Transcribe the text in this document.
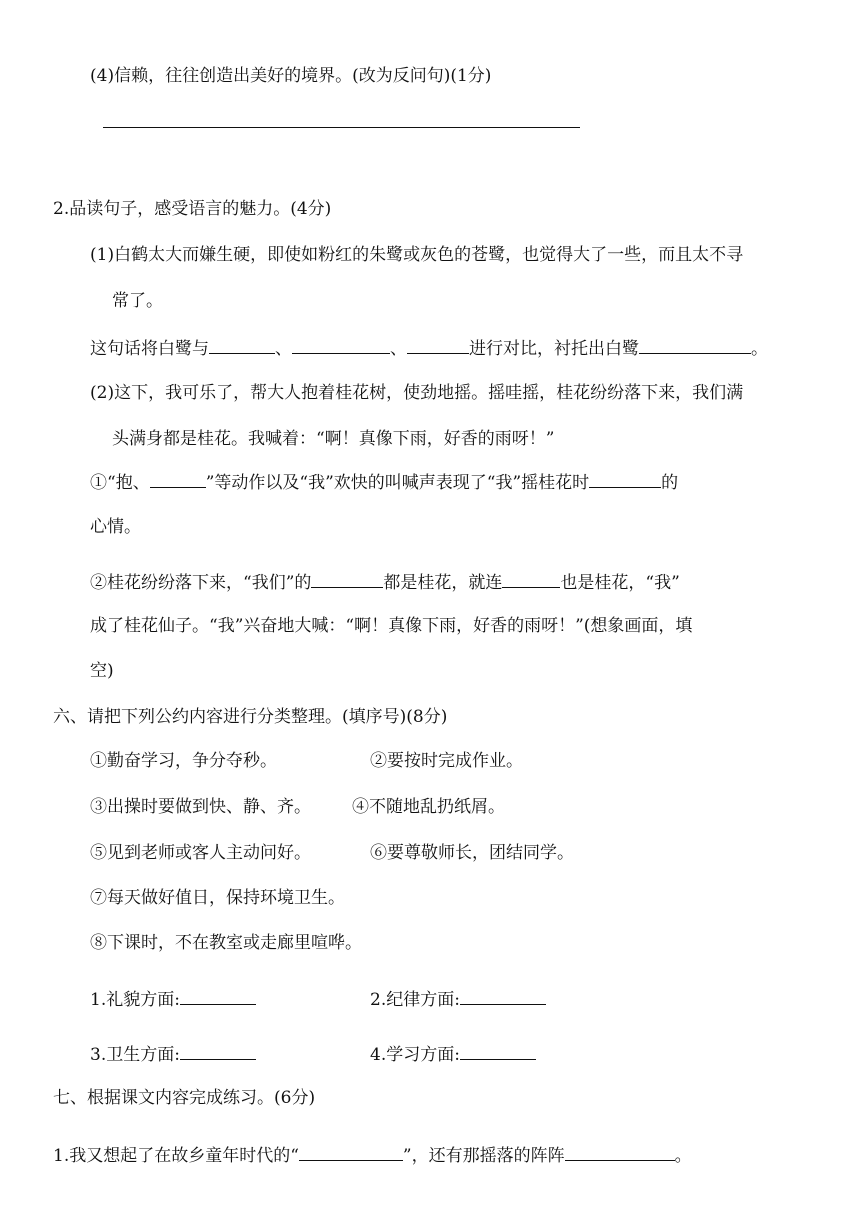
(4)信赖，往往创造出美好的境界。(改为反问句)(1分)
2.品读句子，感受语言的魅力。(4分)
(1)白鹤太大而嫌生硬，即使如粉红的朱鹭或灰色的苍鹭，也觉得大了一些，而且太不寻
常了。
这句话将白鹭与	、	、	进行对比，衬托出白鹭	。
(2)这下，我可乐了，帮大人抱着桂花树，使劲地摇。摇哇摇，桂花纷纷落下来，我们满
头满身都是桂花。我喊着：“啊！真像下雨，好香的雨呀！”
①“抱、	”等动作以及“我”欢快的叫喊声表现了“我”摇桂花时	的
心情。
②桂花纷纷落下来，“我们”的	都是桂花，就连	也是桂花，“我”
成了桂花仙子。“我”兴奋地大喊：“啊！真像下雨，好香的雨呀！”(想象画面，填
空)
六、请把下列公约内容进行分类整理。(填序号)(8分)
①勤奋学习，争分夺秒。	②要按时完成作业。
③出操时要做到快、静、齐。 ④不随地乱扔纸屑。
⑤见到老师或客人主动问好。	⑥要尊敬师长，团结同学。
⑦每天做好值日，保持环境卫生。
⑧下课时，不在教室或走廊里喧哗。
1.礼貌方面:	2.纪律方面:
3.卫生方面:	4.学习方面:
七、根据课文内容完成练习。(6分)
1.我又想起了在故乡童年时代的“	”，还有那摇落的阵阵	。
